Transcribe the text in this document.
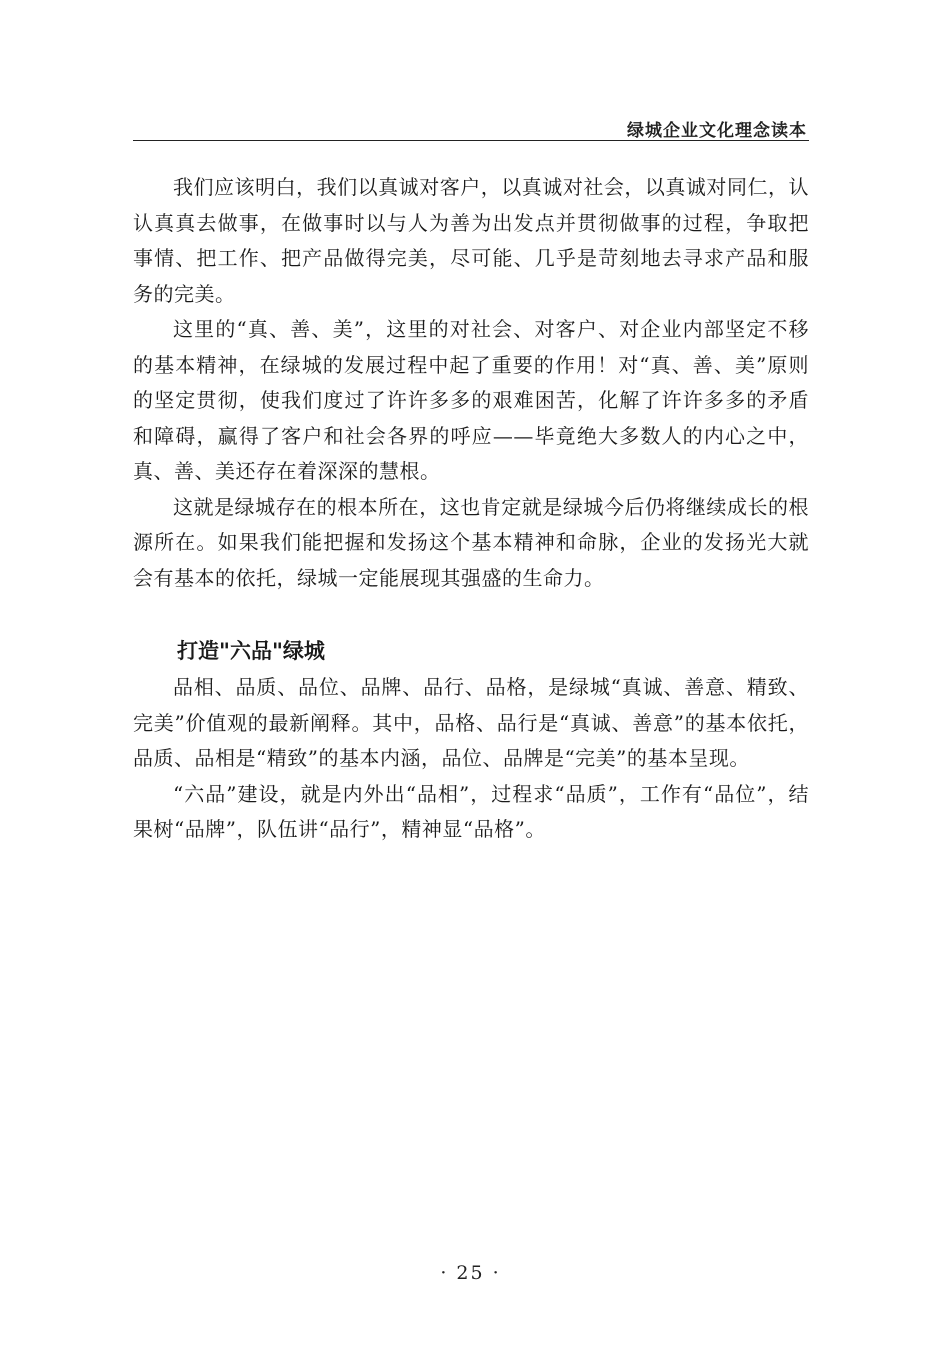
绿城企业文化理念读本

我们应该明白，我们以真诚对客户，以真诚对社会，以真诚对同仁，认认真真去做事，在做事时以与人为善为出发点并贯彻做事的过程，争取把事情、把工作、把产品做得完美，尽可能、几乎是苛刻地去寻求产品和服务的完美。

这里的“真、善、美”，这里的对社会、对客户、对企业内部坚定不移的基本精神，在绿城的发展过程中起了重要的作用！对“真、善、美”原则的坚定贯彻，使我们度过了许许多多的艰难困苦，化解了许许多多的矛盾和障碍，赢得了客户和社会各界的呼应——毕竟绝大多数人的内心之中，真、善、美还存在着深深的慧根。

这就是绿城存在的根本所在，这也肯定就是绿城今后仍将继续成长的根源所在。如果我们能把握和发扬这个基本精神和命脉，企业的发扬光大就会有基本的依托，绿城一定能展现其强盛的生命力。

打造"六品"绿城

品相、品质、品位、品牌、品行、品格，是绿城“真诚、善意、精致、完美”价值观的最新阐释。其中，品格、品行是“真诚、善意”的基本依托，品质、品相是“精致”的基本内涵，品位、品牌是“完美”的基本呈现。

“六品”建设，就是内外出“品相”，过程求“品质”，工作有“品位”，结果树“品牌”，队伍讲“品行”，精神显“品格”。

· 25 ·
